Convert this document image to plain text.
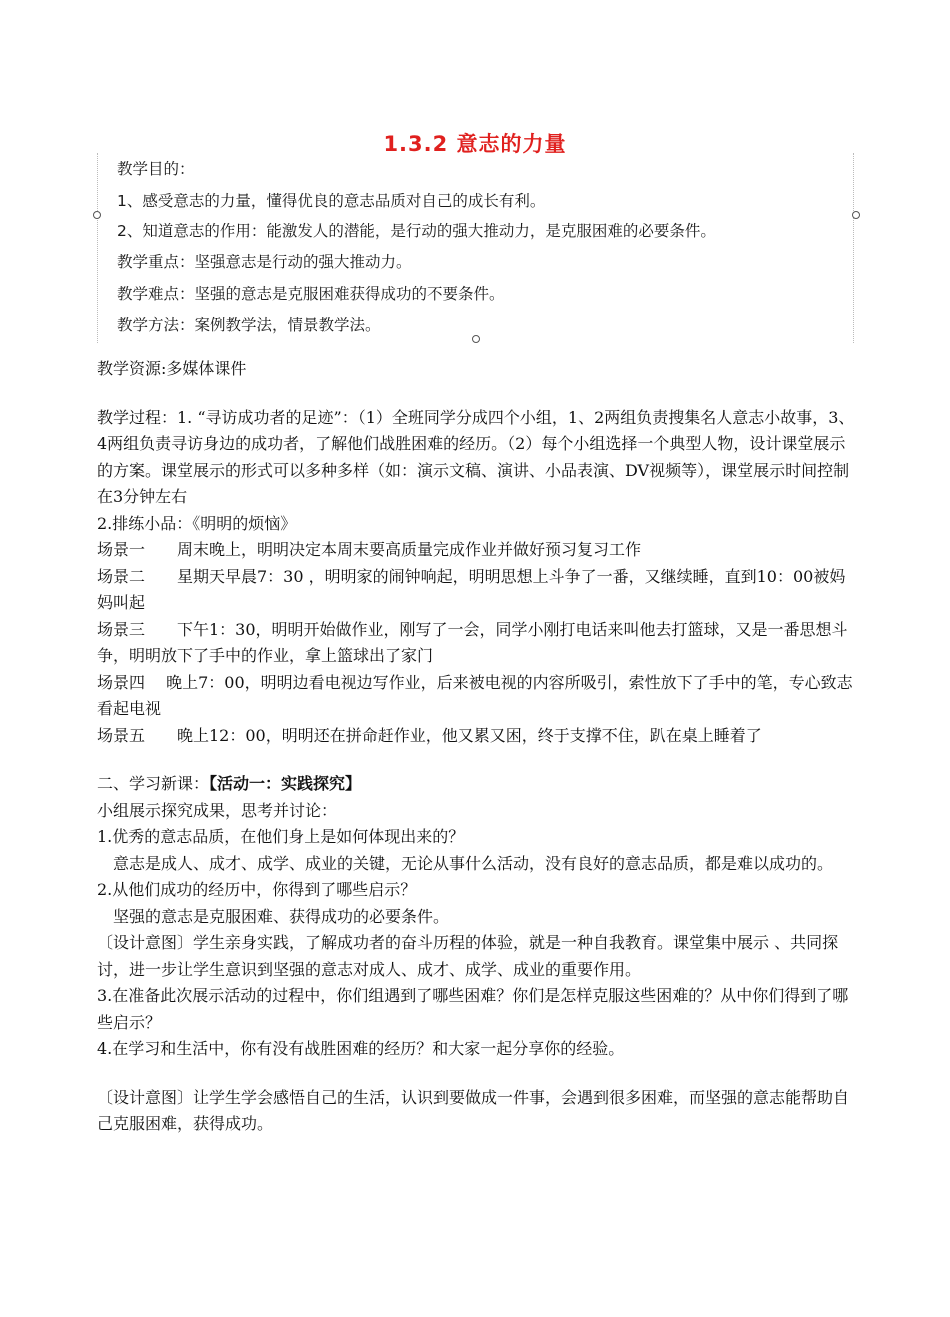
1.3.2 意志的力量
教学目的：
1、感受意志的力量，懂得优良的意志品质对自己的成长有利。
2、知道意志的作用：能激发人的潜能，是行动的强大推动力，是克服困难的必要条件。
教学重点：坚强意志是行动的强大推动力。
教学难点：坚强的意志是克服困难获得成功的不要条件。
教学方法：案例教学法，情景教学法。

教学资源:多媒体课件

教学过程：1. “寻访成功者的足迹”：（1）全班同学分成四个小组，1、2两组负责搜集名人意志小故事，3、4两组负责寻访身边的成功者，了解他们战胜困难的经历。（2）每个小组选择一个典型人物，设计课堂展示的方案。课堂展示的形式可以多种多样（如：演示文稿、演讲、小品表演、DV视频等），课堂展示时间控制在3分钟左右

2.排练小品：《明明的烦恼》

场景一　　周末晚上，明明决定本周末要高质量完成作业并做好预习复习工作

场景二　　星期天早晨7：30 ，明明家的闹钟响起，明明思想上斗争了一番，又继续睡，直到10：00被妈妈叫起

场景三　　下午1：30，明明开始做作业，刚写了一会，同学小刚打电话来叫他去打篮球，又是一番思想斗争，明明放下了手中的作业，拿上篮球出了家门

场景四　 晚上7：00，明明边看电视边写作业，后来被电视的内容所吸引，索性放下了手中的笔，专心致志看起电视

场景五　　晚上12：00，明明还在拼命赶作业，他又累又困，终于支撑不住，趴在桌上睡着了

二、学习新课：【活动一：实践探究】

小组展示探究成果，思考并讨论：

1.优秀的意志品质，在他们身上是如何体现出来的？

　意志是成人、成才、成学、成业的关键，无论从事什么活动，没有良好的意志品质，都是难以成功的。

2.从他们成功的经历中，你得到了哪些启示？

　坚强的意志是克服困难、获得成功的必要条件。

〔设计意图〕学生亲身实践，了解成功者的奋斗历程的体验，就是一种自我教育。课堂集中展示 、共同探讨，进一步让学生意识到坚强的意志对成人、成才、成学、成业的重要作用。

3.在准备此次展示活动的过程中，你们组遇到了哪些困难？你们是怎样克服这些困难的？从中你们得到了哪些启示？

4.在学习和生活中，你有没有战胜困难的经历？和大家一起分享你的经验。

〔设计意图〕让学生学会感悟自己的生活，认识到要做成一件事，会遇到很多困难，而坚强的意志能帮助自己克服困难，获得成功。
